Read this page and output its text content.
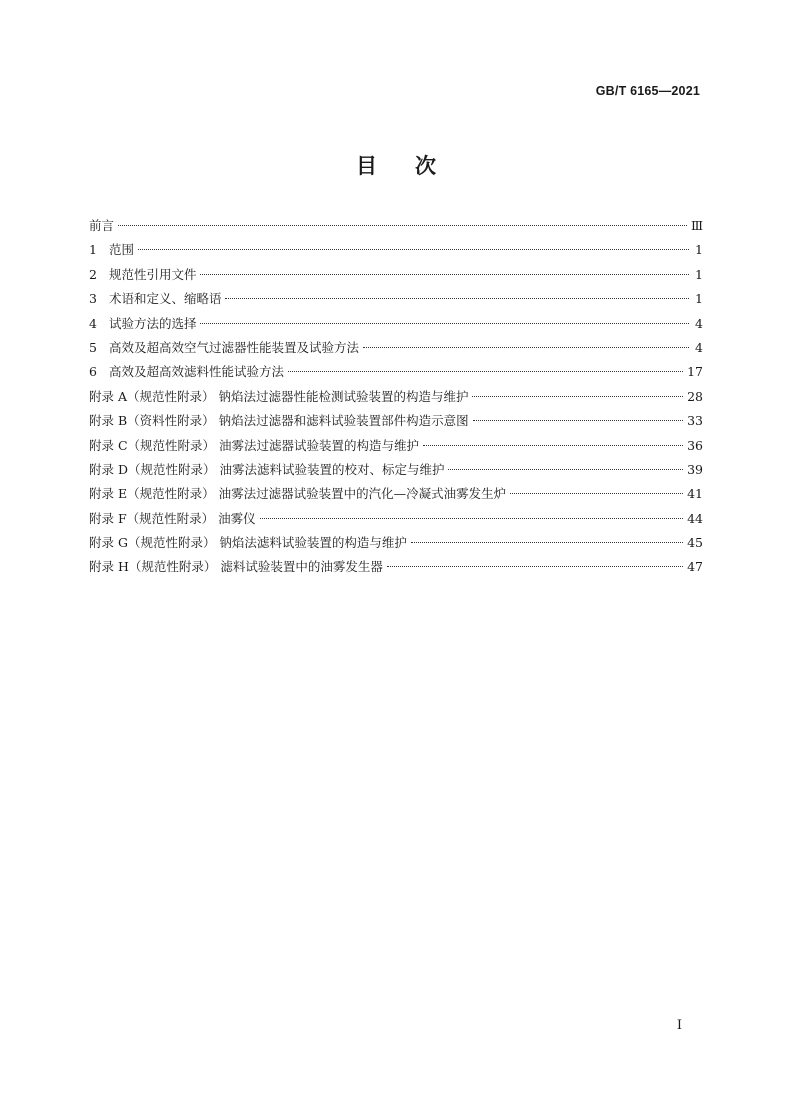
GB/T 6165—2021
目 次
前言	Ⅲ
1 范围	1
2 规范性引用文件	1
3 术语和定义、缩略语	1
4 试验方法的选择	4
5 高效及超高效空气过滤器性能装置及试验方法	4
6 高效及超高效滤料性能试验方法	17
附录 A（规范性附录） 钠焰法过滤器性能检测试验装置的构造与维护	28
附录 B（资料性附录） 钠焰法过滤器和滤料试验装置部件构造示意图	33
附录 C（规范性附录） 油雾法过滤器试验装置的构造与维护	36
附录 D（规范性附录） 油雾法滤料试验装置的校对、标定与维护	39
附录 E（规范性附录） 油雾法过滤器试验装置中的汽化—冷凝式油雾发生炉	41
附录 F（规范性附录） 油雾仪	44
附录 G（规范性附录） 钠焰法滤料试验装置的构造与维护	45
附录 H（规范性附录） 滤料试验装置中的油雾发生器	47
Ⅰ
